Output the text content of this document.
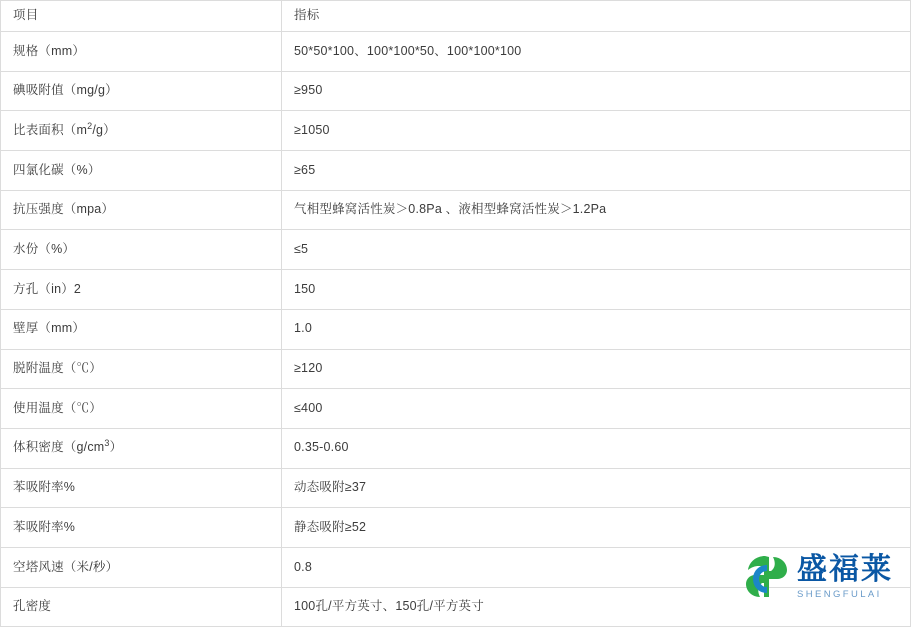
项目	指标
规格（mm）	50*50*100、100*100*50、100*100*100
碘吸附值（mg/g）	≥950
比表面积$(m^2/g)$	≥1050
四氯化碳（%）	≥65
抗压强度（mpa）	气相型蜂窝活性炭＞0.8Pa 、液相型蜂窝活性炭＞1.2Pa
水份（%）	≤5
方孔（in）2	150
壁厚（mm）	1.0
脱附温度（℃）	≥120
使用温度（℃）	≤400
体积密度$(g/cm^3)$	0.35-0.60
苯吸附率%	动态吸附≥37
苯吸附率%	静态吸附≥52
空塔风速（米/秒）	0.8
孔密度	100孔/平方英寸、150孔/平方英寸
盛福莱
SHENGFULAI
